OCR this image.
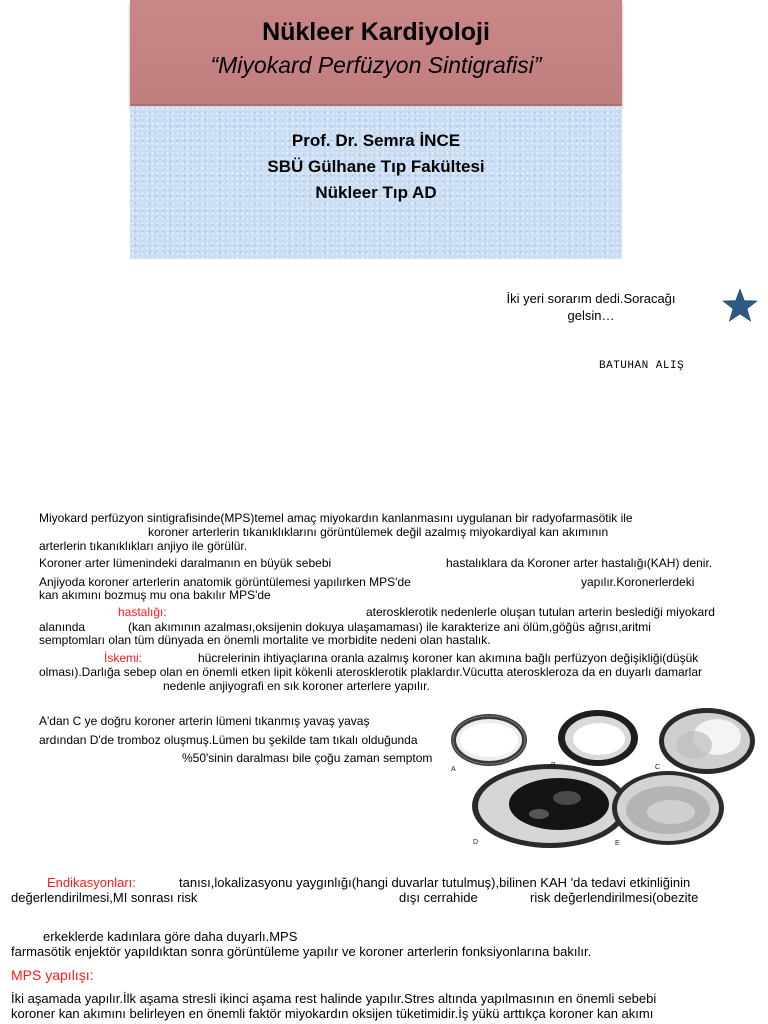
Nükleer Kardiyoloji
“Miyokard Perfüzyon Sintigrafisi”
Prof. Dr. Semra İNCE
SBÜ Gülhane Tıp Fakültesi
Nükleer Tıp AD
İki yeri sorarım dedi.Soracağı
gelsin…
BATUHAN ALIŞ
Miyokard perfüzyon sintigrafisinde(MPS)temel amaç miyokardın kanlanmasını uygulanan bir radyofarmasötik ile
koroner arterlerin tıkanıklıklarını görüntülemek değil azalmış miyokardiyal kan akımının
arterlerin tıkanıklıkları anjiyo ile görülür.
Koroner arter lümenindeki daralmanın en büyük sebebi	hastalıklara da Koroner arter hastalığı(KAH) denir.
Anjiyoda koroner arterlerin anatomik görüntülemesi yapılırken MPS'de	yapılır.Koronerlerdeki
kan akımını bozmuş mu ona bakılır MPS'de
hastalığı:	aterosklerotik nedenlerle oluşan tutulan arterin beslediği miyokard
alanında	(kan akımının azalması,oksijenin dokuya ulaşamaması) ile karakterize ani ölüm,göğüs ağrısı,aritmi
semptomları olan tüm dünyada en önemli mortalite ve morbidite nedeni olan hastalık.
İskemi:	hücrelerinin ihtiyaçlarına oranla azalmış koroner kan akımına bağlı perfüzyon değişikliği(düşük
olması).Darlığa sebep olan en önemli etken lipit kökenli aterosklerotik plaklardır.Vücutta ateroskleroza da en duyarlı damarlar
nedenle anjiyografi en sık koroner arterlere yapılır.
A'dan C ye doğru koroner arterin lümeni tıkanmış yavaş yavaş
ardından D'de tromboz oluşmuş.Lümen bu şekilde tam tıkalı olduğunda
%50'sinin daralması bile çoğu zaman semptom
A
B	C
D	E
Endikasyonları:	tanısı,lokalizasyonu yaygınlığı(hangi duvarlar tutulmuş),bilinen KAH 'da tedavi etkinliğinin
değerlendirilmesi,MI sonrası risk	dışı cerrahide	risk değerlendirilmesi(obezite
erkeklerde kadınlara göre daha duyarlı.MPS
farmasötik enjektör yapıldıktan sonra görüntüleme yapılır ve koroner arterlerin fonksiyonlarına bakılır.
MPS yapılışı:
İki aşamada yapılır.İlk aşama stresli ikinci aşama rest halinde yapılır.Stres altında yapılmasının en önemli sebebi
koroner kan akımını belirleyen en önemli faktör miyokardın oksijen tüketimidir.İş yükü arttıkça koroner kan akımı
